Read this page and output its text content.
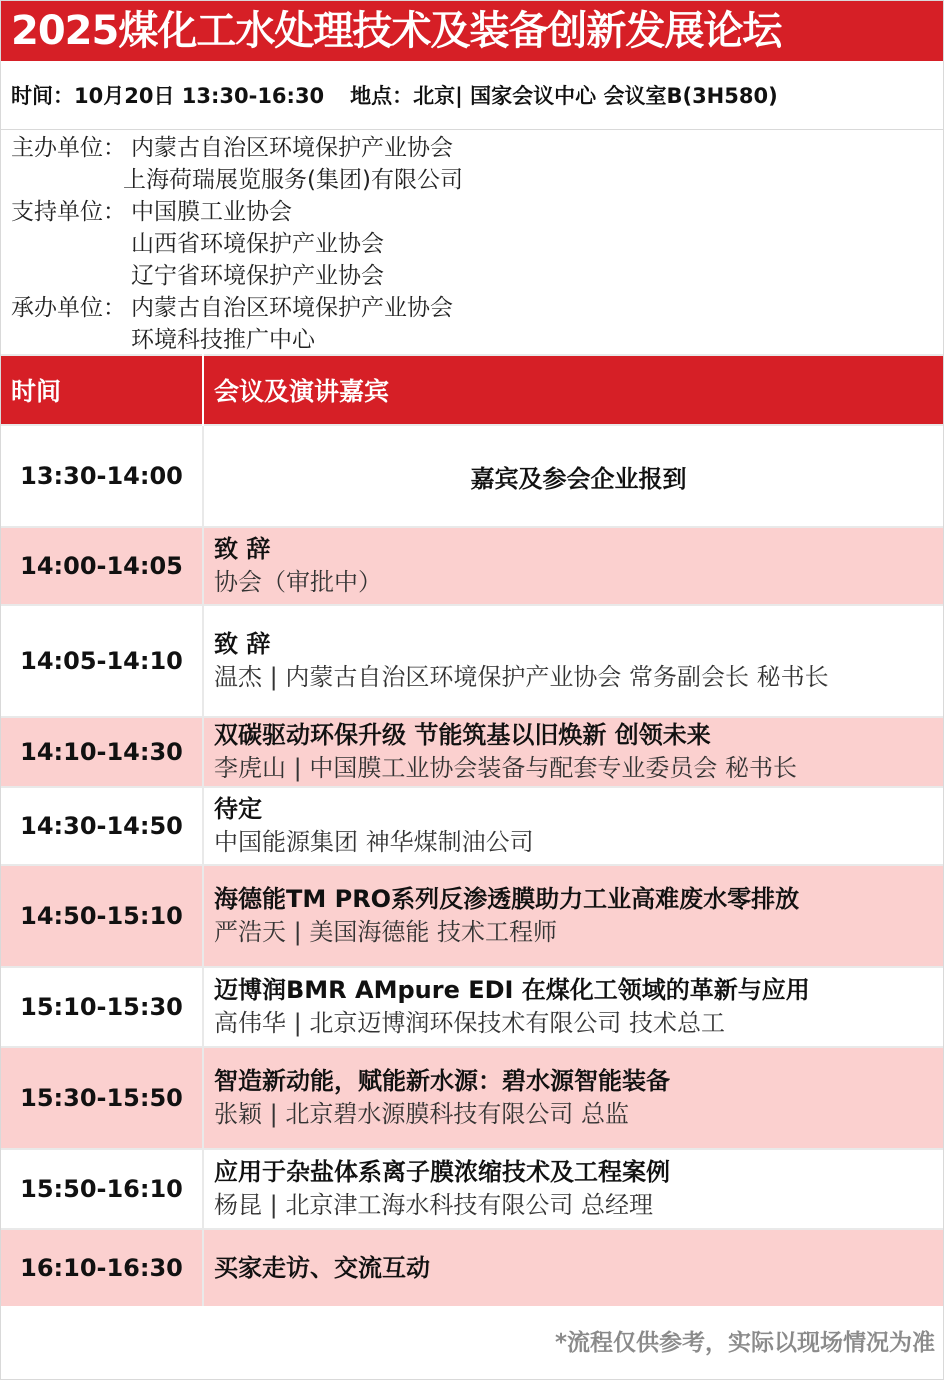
2025煤化工水处理技术及装备创新发展论坛
时间： 10月20日 13:30-16:30 地点： 北京| 国家会议中心 会议室B(3H580)
主办单位： 内蒙古自治区环境保护产业协会
上海荷瑞展览服务(集团)有限公司
支持单位： 中国膜工业协会
山西省环境保护产业协会
辽宁省环境保护产业协会
承办单位： 内蒙古自治区环境保护产业协会
环境科技推广中心
时间	会议及演讲嘉宾
13:30-14:00	嘉宾及参会企业报到

14:00-14:05	致 辞
协会（审批中）

14:05-14:10	致 辞
温杰 | 内蒙古自治区环境保护产业协会 常务副会长 秘书长

14:10-14:30	双碳驱动环保升级 节能筑基以旧焕新 创领未来
李虎山 | 中国膜工业协会装备与配套专业委员会 秘书长

14:30-14:50	待定
中国能源集团 神华煤制油公司

14:50-15:10	海德能TM PRO系列反渗透膜助力工业高难废水零排放
严浩天 | 美国海德能 技术工程师

15:10-15:30	迈博润BMR AMpure EDI 在煤化工领域的革新与应用
高伟华 | 北京迈博润环保技术有限公司 技术总工

15:30-15:50	智造新动能，赋能新水源：碧水源智能装备
张颖 | 北京碧水源膜科技有限公司 总监

15:50-16:10	应用于杂盐体系离子膜浓缩技术及工程案例
杨昆 | 北京津工海水科技有限公司 总经理

16:10-16:30	买家走访、交流互动
*流程仅供参考，实际以现场情况为准
